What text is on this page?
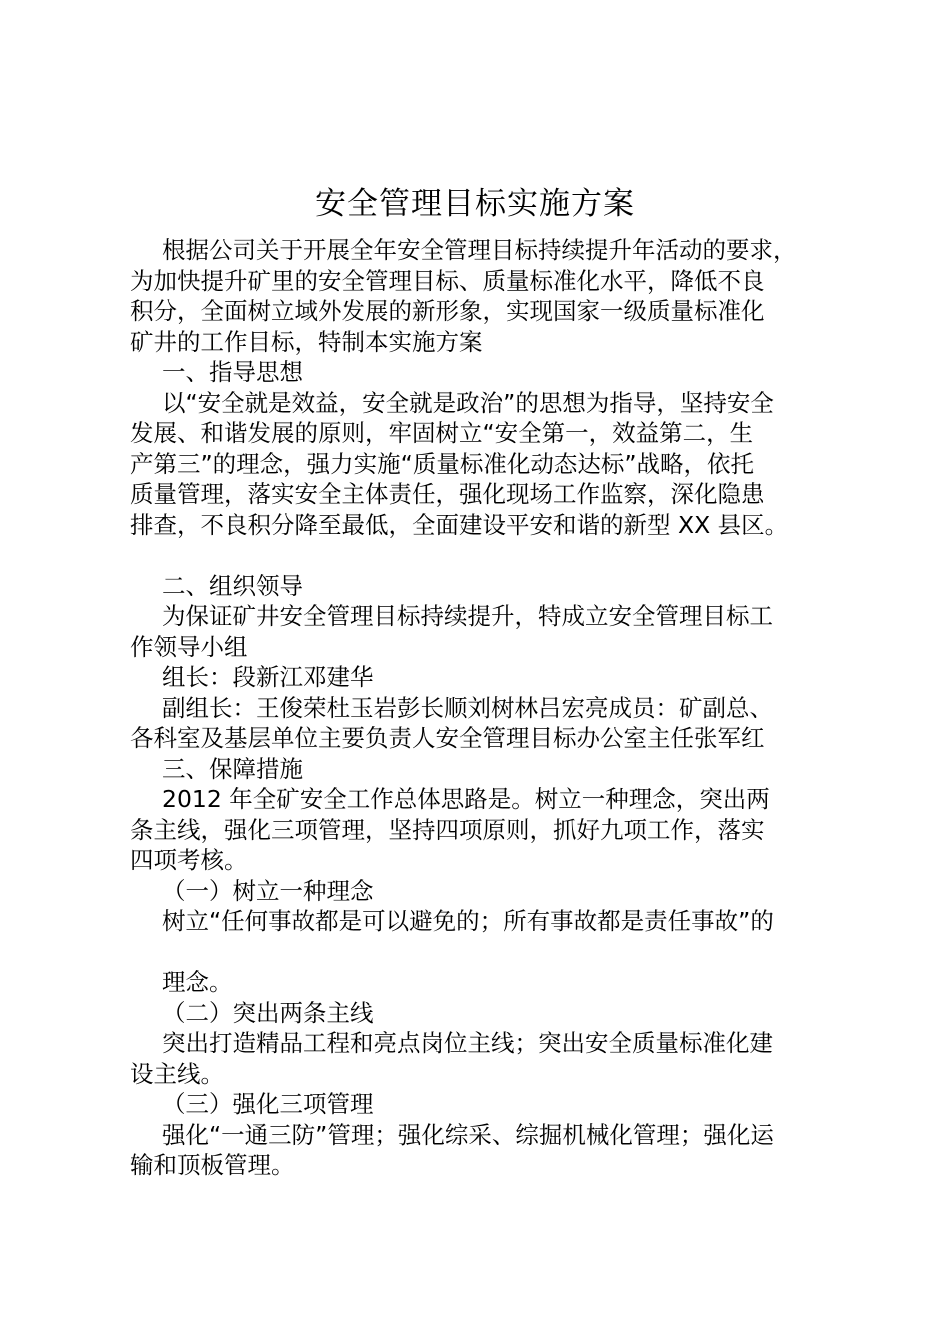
安全管理目标实施方案
根据公司关于开展全年安全管理目标持续提升年活动的要求，
为加快提升矿里的安全管理目标、质量标准化水平，降低不良
积分，全面树立域外发展的新形象，实现国家一级质量标准化
矿井的工作目标，特制本实施方案
一、指导思想
以“安全就是效益，安全就是政治”的思想为指导，坚持安全
发展、和谐发展的原则，牢固树立“安全第一，效益第二，生
产第三”的理念，强力实施“质量标准化动态达标”战略，依托
质量管理，落实安全主体责任，强化现场工作监察，深化隐患
排查，不良积分降至最低，全面建设平安和谐的新型 XX 县区。
二、组织领导
为保证矿井安全管理目标持续提升，特成立安全管理目标工
作领导小组
组长：段新江邓建华
副组长：王俊荣杜玉岩彭长顺刘树林吕宏亮成员：矿副总、
各科室及基层单位主要负责人安全管理目标办公室主任张军红
三、保障措施
2012 年全矿安全工作总体思路是。树立一种理念，突出两
条主线，强化三项管理，坚持四项原则，抓好九项工作，落实
四项考核。
（一）树立一种理念
树立“任何事故都是可以避免的；所有事故都是责任事故”的
理念。
（二）突出两条主线
突出打造精品工程和亮点岗位主线；突出安全质量标准化建
设主线。
（三）强化三项管理
强化“一通三防”管理；强化综采、综掘机械化管理；强化运
输和顶板管理。
